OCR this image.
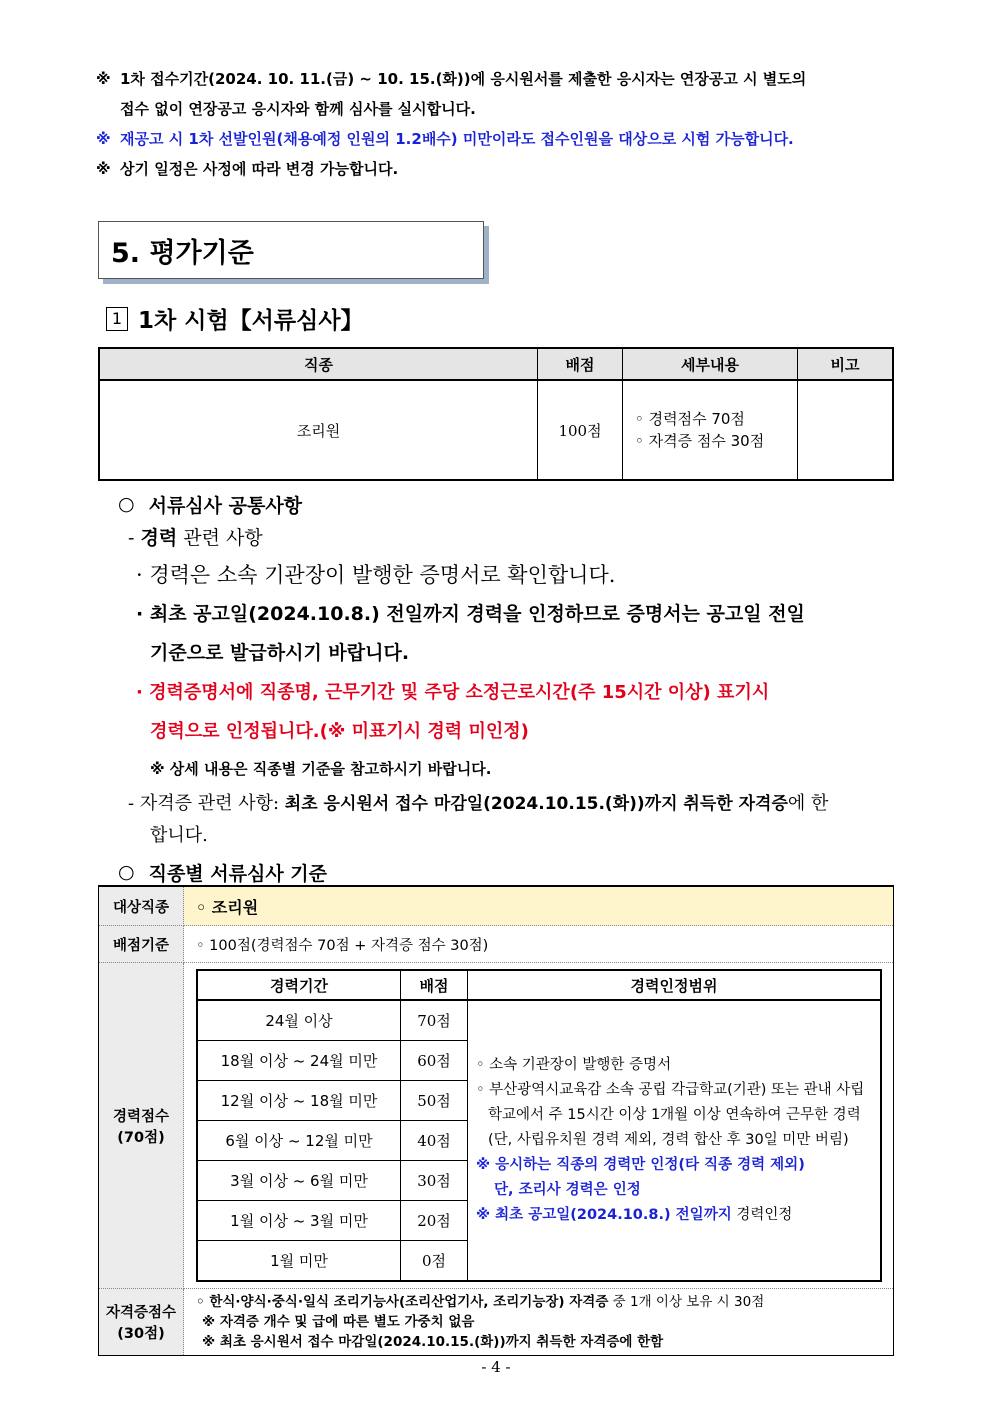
※ 1차 접수기간(2024. 10. 11.(금) ~ 10. 15.(화))에 응시원서를 제출한 응시자는 연장공고 시 별도의
접수 없이 연장공고 응시자와 함께 심사를 실시합니다.
※ 재공고 시 1차 선발인원(채용예정 인원의 1.2배수) 미만이라도 접수인원을 대상으로 시험 가능합니다.
※ 상기 일정은 사정에 따라 변경 가능합니다.
5. 평가기준
1 1차 시험【서류심사】
직종	배점	세부내용	비고
조리원	100점	◦ 경력점수 70점
◦ 자격증 점수 30점	

○ 서류심사 공통사항
- 경력 관련 사항
· 경력은 소속 기관장이 발행한 증명서로 확인합니다.
· 최초 공고일(2024.10.8.) 전일까지 경력을 인정하므로 증명서는 공고일 전일
기준으로 발급하시기 바랍니다.
· 경력증명서에 직종명, 근무기간 및 주당 소정근로시간(주 15시간 이상) 표기시
경력으로 인정됩니다.(※ 미표기시 경력 미인정)
※ 상세 내용은 직종별 기준을 참고하시기 바랍니다.
- 자격증 관련 사항: 최초 응시원서 접수 마감일(2024.10.15.(화))까지 취득한 자격증에 한
합니다.
○ 직종별 서류심사 기준
대상직종	◦ 조리원
배점기준	◦ 100점(경력점수 70점 + 자격증 점수 30점)

경력점수
(70점)

경력기간	배점	경력인정범위
24월 이상	70점	
◦ 소속 기관장이 발행한 증명서
◦ 부산광역시교육감 소속 공립 각급학교(기관) 또는 관내 사립학교에서 주 15시간 이상 1개월 이상 연속하여 근무한 경력
(단, 사립유치원 경력 제외, 경력 합산 후 30일 미만 버림)
※ 응시하는 직종의 경력만 인정(타 직종 경력 제외)
단, 조리사 경력은 인정
※ 최초 공고일(2024.10.8.) 전일까지 경력인정

18월 이상 ~ 24월 미만	60점
12월 이상 ~ 18월 미만	50점
6월 이상 ~ 12월 미만	40점
3월 이상 ~ 6월 미만	30점
1월 이상 ~ 3월 미만	20점
1월 미만	0점

자격증점수
(30점)

◦ 한식·양식·중식·일식 조리기능사(조리산업기사, 조리기능장) 자격증 중 1개 이상 보유 시 30점
※ 자격증 개수 및 급에 따른 별도 가중치 없음
※ 최초 응시원서 접수 마감일(2024.10.15.(화))까지 취득한 자격증에 한함
- 4 -
